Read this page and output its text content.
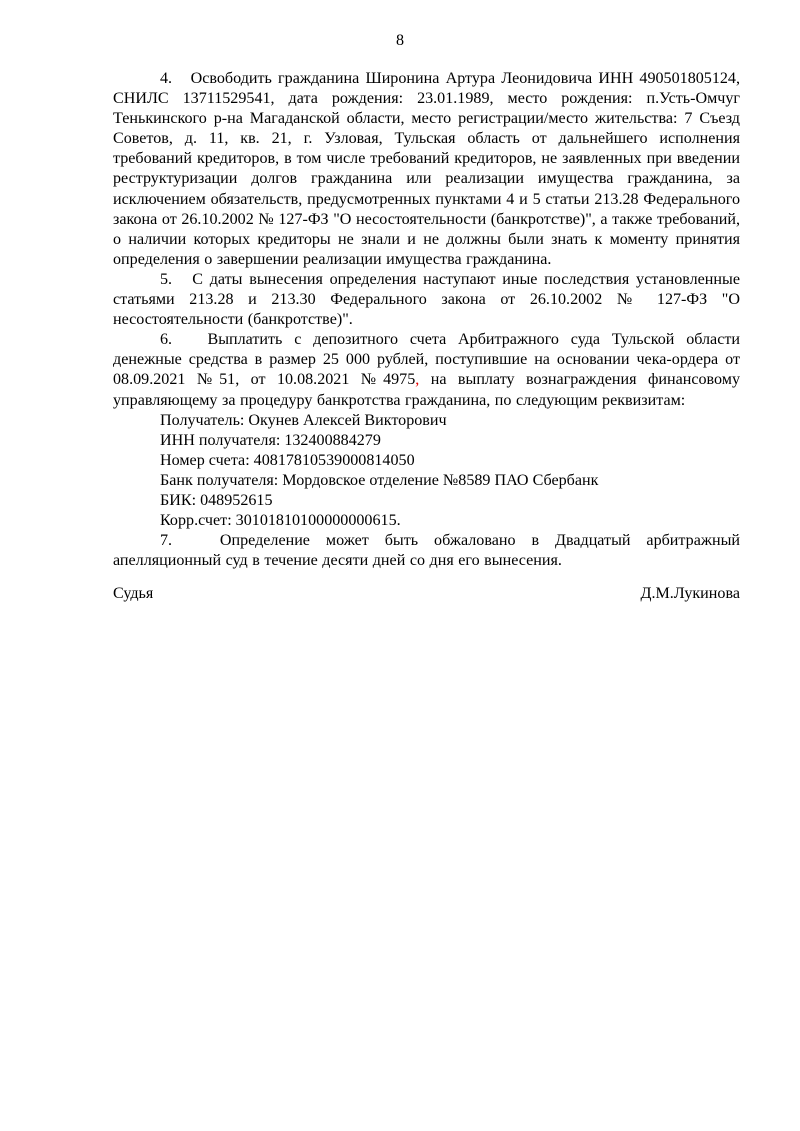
8

4.   Освободить гражданина Широнина Артура Леонидовича ИНН 490501805124, СНИЛС 13711529541, дата рождения: 23.01.1989, место рождения: п.Усть-Омчуг Тенькинского р-на Магаданской области, место регистрации/место жительства: 7 Съезд Советов, д. 11, кв. 21, г. Узловая, Тульская область от дальнейшего исполнения требований кредиторов, в том числе требований кредиторов, не заявленных при введении реструктуризации долгов гражданина или реализации имущества гражданина, за исключением обязательств, предусмотренных пунктами 4 и 5 статьи 213.28 Федерального закона от 26.10.2002 № 127-ФЗ "О несостоятельности (банкротстве)", а также требований, о наличии которых кредиторы не знали и не должны были знать к моменту принятия определения о завершении реализации имущества гражданина.

5.   С даты вынесения определения наступают иные последствия установленные статьями 213.28 и 213.30 Федерального закона от 26.10.2002 № 127-ФЗ "О несостоятельности (банкротстве)".

6.   Выплатить с депозитного счета Арбитражного суда Тульской области денежные средства в размер 25 000 рублей, поступившие на основании чека-ордера от 08.09.2021 №51, от 10.08.2021 №4975, на выплату вознаграждения финансовому управляющему за процедуру банкротства гражданина, по следующим реквизитам:

Получатель: Окунев Алексей Викторович
ИНН получателя: 132400884279
Номер счета: 40817810539000814050
Банк получателя: Мордовское отделение №8589 ПАО Сбербанк
БИК: 048952615
Корр.счет: 30101810100000000615.

7.   Определение может быть обжаловано в Двадцатый арбитражный апелляционный суд в течение десяти дней со дня его вынесения.

Судья	Д.М.Лукинова
